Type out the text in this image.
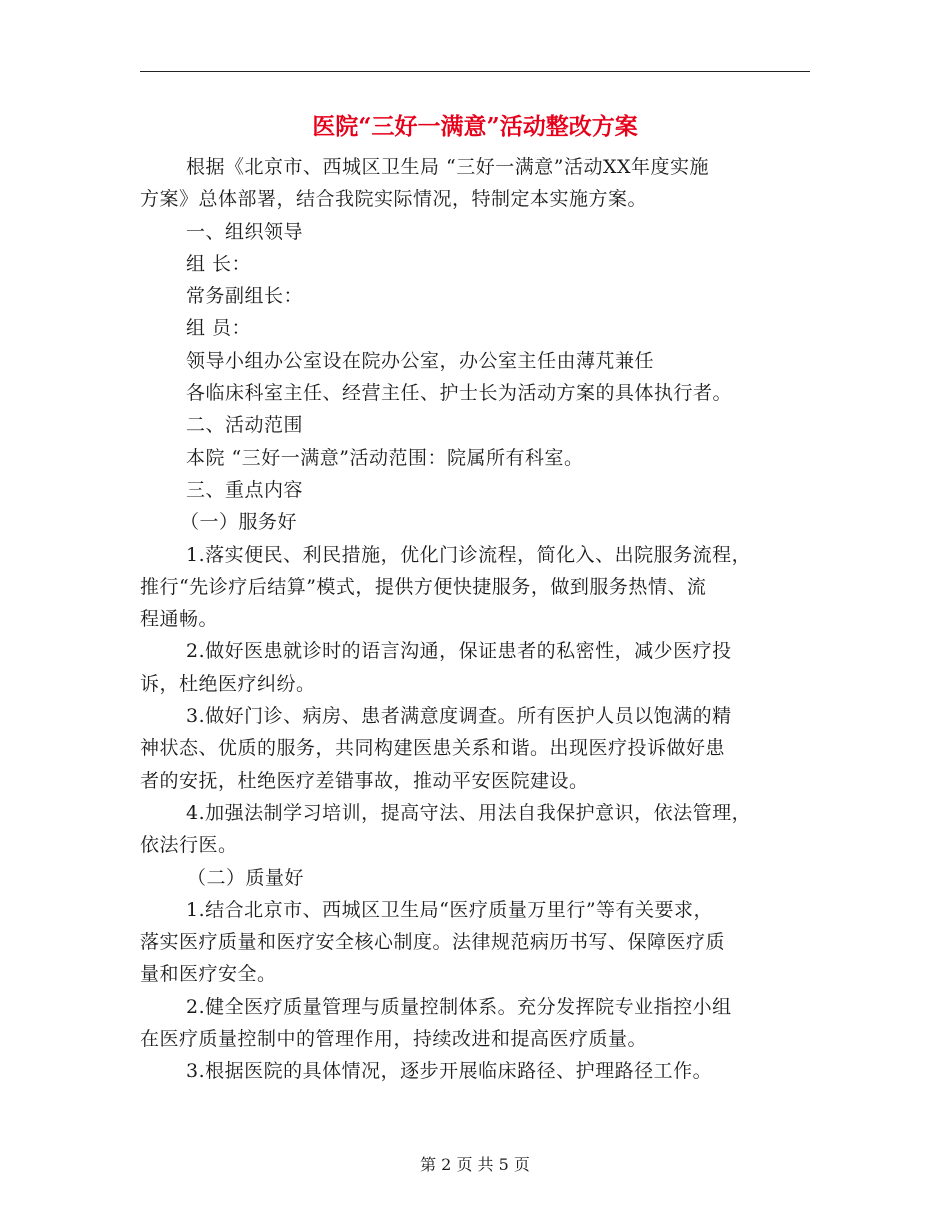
医院“三好一满意”活动整改方案

根据《北京市、西城区卫生局 “三好一满意”活动XX年度实施

方案》总体部署，结合我院实际情况，特制定本实施方案。

一、组织领导

组 长：

常务副组长：

组 员：

领导小组办公室设在院办公室，办公室主任由薄芃兼任

各临床科室主任、经营主任、护士长为活动方案的具体执行者。

二、活动范围

本院 “三好一满意”活动范围：院属所有科室。

三、重点内容

（一）服务好

1.落实便民、利民措施，优化门诊流程，简化入、出院服务流程，

推行“先诊疗后结算”模式，提供方便快捷服务，做到服务热情、流

程通畅。

2.做好医患就诊时的语言沟通，保证患者的私密性，减少医疗投

诉，杜绝医疗纠纷。

3.做好门诊、病房、患者满意度调查。所有医护人员以饱满的精

神状态、优质的服务，共同构建医患关系和谐。出现医疗投诉做好患

者的安抚，杜绝医疗差错事故，推动平安医院建设。

4.加强法制学习培训，提高守法、用法自我保护意识，依法管理，

依法行医。

（二）质量好

1.结合北京市、西城区卫生局“医疗质量万里行”等有关要求，

落实医疗质量和医疗安全核心制度。法律规范病历书写、保障医疗质

量和医疗安全。

2.健全医疗质量管理与质量控制体系。充分发挥院专业指控小组

在医疗质量控制中的管理作用，持续改进和提高医疗质量。

3.根据医院的具体情况，逐步开展临床路径、护理路径工作。

第 2 页 共 5 页
